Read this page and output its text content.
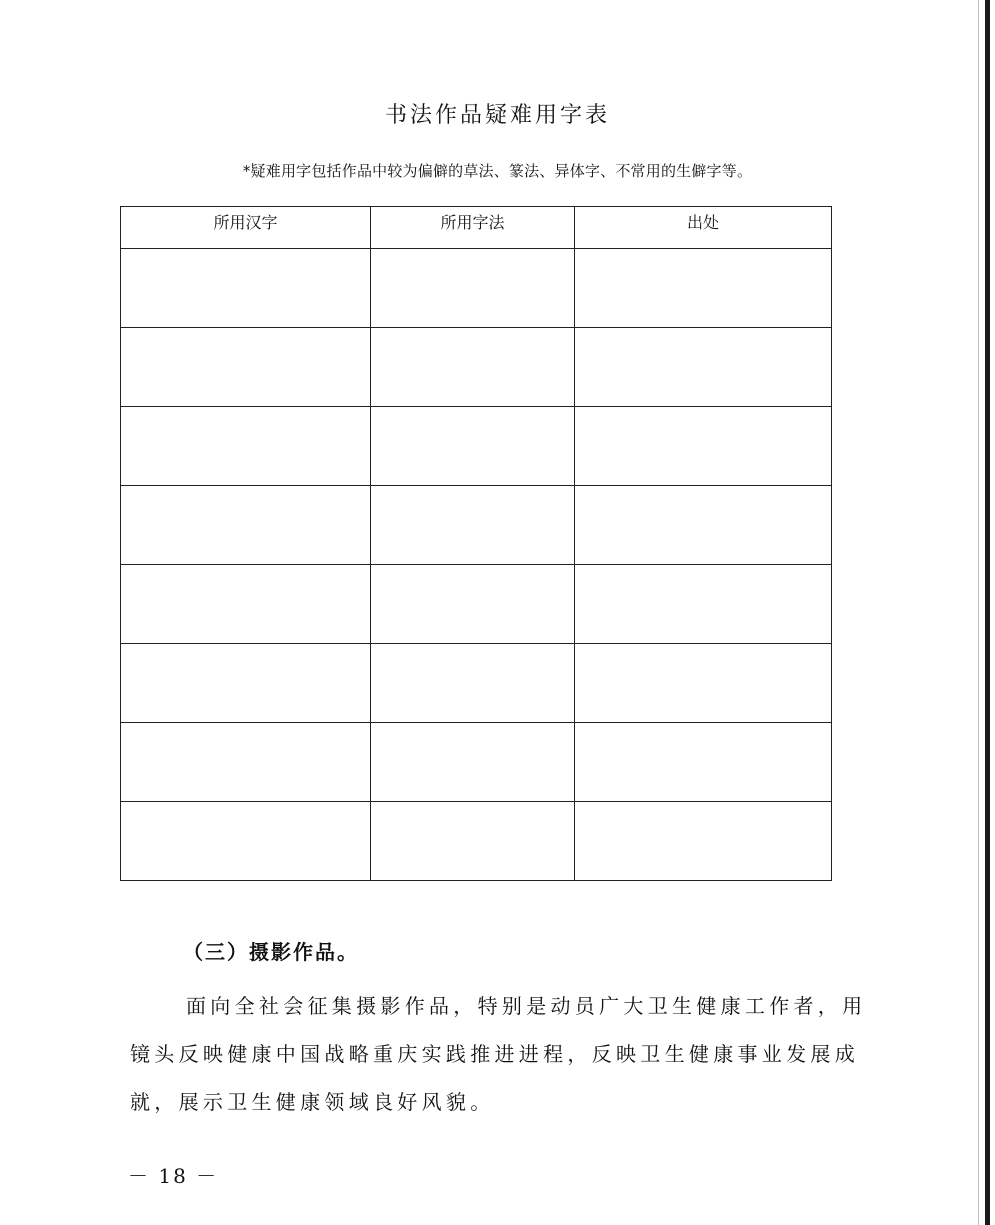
书法作品疑难用字表
*疑难用字包括作品中较为偏僻的草法、篆法、异体字、不常用的生僻字等。
所用汉字	所用字法	出处

（三）摄影作品。

面向全社会征集摄影作品，特别是动员广大卫生健康工作者，用镜头反映健康中国战略重庆实践推进进程，反映卫生健康事业发展成就，展示卫生健康领域良好风貌。

－ 18 －
